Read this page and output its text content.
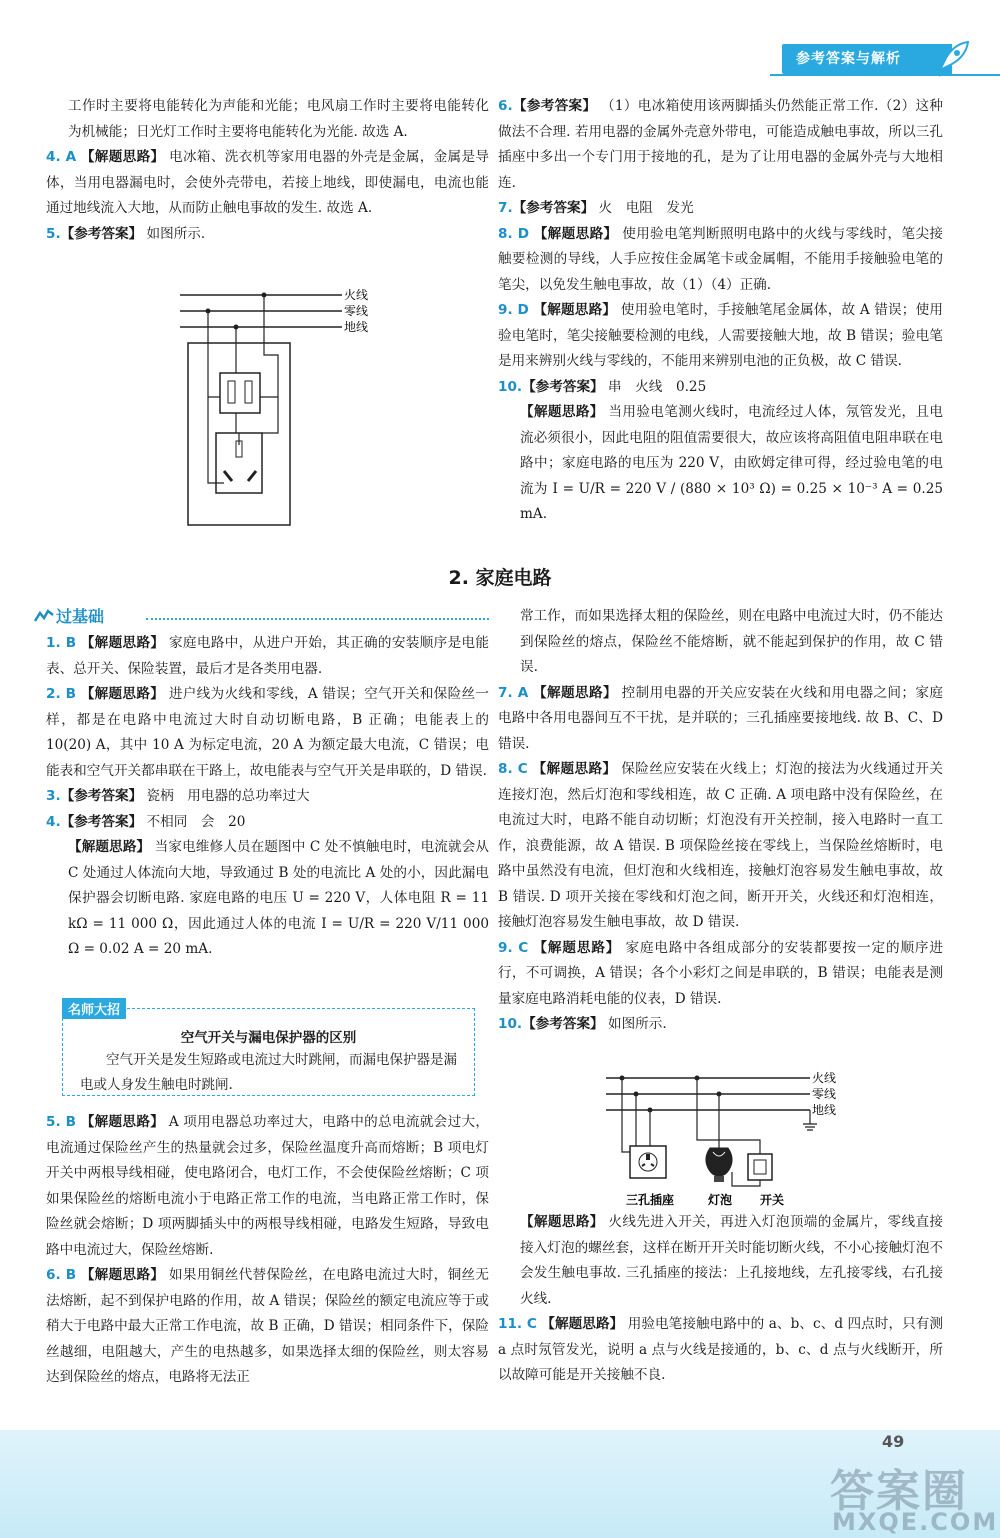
参考答案与解析

工作时主要将电能转化为声能和光能；电风扇工作时主要将电能转化为机械能；日光灯工作时主要将电能转化为光能. 故选 A.

4. A 【解题思路】 电冰箱、洗衣机等家用电器的外壳是金属，金属是导体，当用电器漏电时，会使外壳带电，若接上地线，即使漏电，电流也能通过地线流入大地，从而防止触电事故的发生. 故选 A.

5.【参考答案】 如图所示.

火线
零线
地线

6.【参考答案】 （1）电冰箱使用该两脚插头仍然能正常工作.（2）这种做法不合理. 若用电器的金属外壳意外带电，可能造成触电事故，所以三孔插座中多出一个专门用于接地的孔，是为了让用电器的金属外壳与大地相连.

7.【参考答案】 火　电阻　发光

8. D 【解题思路】 使用验电笔判断照明电路中的火线与零线时，笔尖接触要检测的导线，人手应按住金属笔卡或金属帽，不能用手接触验电笔的笔尖，以免发生触电事故，故（1）（4）正确.

9. D 【解题思路】 使用验电笔时，手接触笔尾金属体，故 A 错误；使用验电笔时，笔尖接触要检测的电线，人需要接触大地，故 B 错误；验电笔是用来辨别火线与零线的，不能用来辨别电池的正负极，故 C 错误.

10.【参考答案】 串　火线　0.25

【解题思路】 当用验电笔测火线时，电流经过人体，氖管发光，且电流必须很小，因此电阻的阻值需要很大，故应该将高阻值电阻串联在电路中；家庭电路的电压为 220 V，由欧姆定律可得，经过验电笔的电流为 I = U/R = 220 V / (880 × 10³ Ω) = 0.25 × 10⁻³ A = 0.25 mA.

2. 家庭电路
过基础

1. B 【解题思路】 家庭电路中，从进户开始，其正确的安装顺序是电能表、总开关、保险装置，最后才是各类用电器.

2. B 【解题思路】 进户线为火线和零线，A 错误；空气开关和保险丝一样，都是在电路中电流过大时自动切断电路，B 正确；电能表上的 10(20) A，其中 10 A 为标定电流，20 A 为额定最大电流，C 错误；电能表和空气开关都串联在干路上，故电能表与空气开关是串联的，D 错误.

3.【参考答案】 瓷柄　用电器的总功率过大

4.【参考答案】 不相同　会　20

【解题思路】 当家电维修人员在题图中 C 处不慎触电时，电流就会从 C 处通过人体流向大地，导致通过 B 处的电流比 A 处的小，因此漏电保护器会切断电路. 家庭电路的电压 U = 220 V，人体电阻 R = 11 kΩ = 11 000 Ω，因此通过人体的电流 I = U/R = 220 V/11 000 Ω = 0.02 A = 20 mA.

名师大招
空气开关与漏电保护器的区别
空气开关是发生短路或电流过大时跳闸，而漏电保护器是漏电或人身发生触电时跳闸.

5. B 【解题思路】 A 项用电器总功率过大，电路中的总电流就会过大，电流通过保险丝产生的热量就会过多，保险丝温度升高而熔断；B 项电灯开关中两根导线相碰，使电路闭合，电灯工作，不会使保险丝熔断；C 项如果保险丝的熔断电流小于电路正常工作的电流，当电路正常工作时，保险丝就会熔断；D 项两脚插头中的两根导线相碰，电路发生短路，导致电路中电流过大，保险丝熔断.

6. B 【解题思路】 如果用铜丝代替保险丝，在电路电流过大时，铜丝无法熔断，起不到保护电路的作用，故 A 错误；保险丝的额定电流应等于或稍大于电路中最大正常工作电流，故 B 正确，D 错误；相同条件下，保险丝越细，电阻越大，产生的电热越多，如果选择太细的保险丝，则太容易达到保险丝的熔点，电路将无法正

常工作，而如果选择太粗的保险丝，则在电路中电流过大时，仍不能达到保险丝的熔点，保险丝不能熔断，就不能起到保护的作用，故 C 错误.

7. A 【解题思路】 控制用电器的开关应安装在火线和用电器之间；家庭电路中各用电器间互不干扰，是并联的；三孔插座要接地线. 故 B、C、D 错误.

8. C 【解题思路】 保险丝应安装在火线上；灯泡的接法为火线通过开关连接灯泡，然后灯泡和零线相连，故 C 正确. A 项电路中没有保险丝，在电流过大时，电路不能自动切断；灯泡没有开关控制，接入电路时一直工作，浪费能源，故 A 错误. B 项保险丝接在零线上，当保险丝熔断时，电路中虽然没有电流，但灯泡和火线相连，接触灯泡容易发生触电事故，故 B 错误. D 项开关接在零线和灯泡之间，断开开关，火线还和灯泡相连，接触灯泡容易发生触电事故，故 D 错误.

9. C 【解题思路】 家庭电路中各组成部分的安装都要按一定的顺序进行，不可调换，A 错误；各个小彩灯之间是串联的，B 错误；电能表是测量家庭电路消耗电能的仪表，D 错误.

10.【参考答案】 如图所示.

火线
零线
地线
三孔插座	灯泡 开关

【解题思路】 火线先进入开关，再进入灯泡顶端的金属片，零线直接接入灯泡的螺丝套，这样在断开开关时能切断火线，不小心接触灯泡不会发生触电事故. 三孔插座的接法：上孔接地线，左孔接零线，右孔接火线.

11. C 【解题思路】 用验电笔接触电路中的 a、b、c、d 四点时，只有测 a 点时氖管发光，说明 a 点与火线是接通的，b、c、d 点与火线断开，所以故障可能是开关接触不良.

49
答案圈
MXQE.COM
